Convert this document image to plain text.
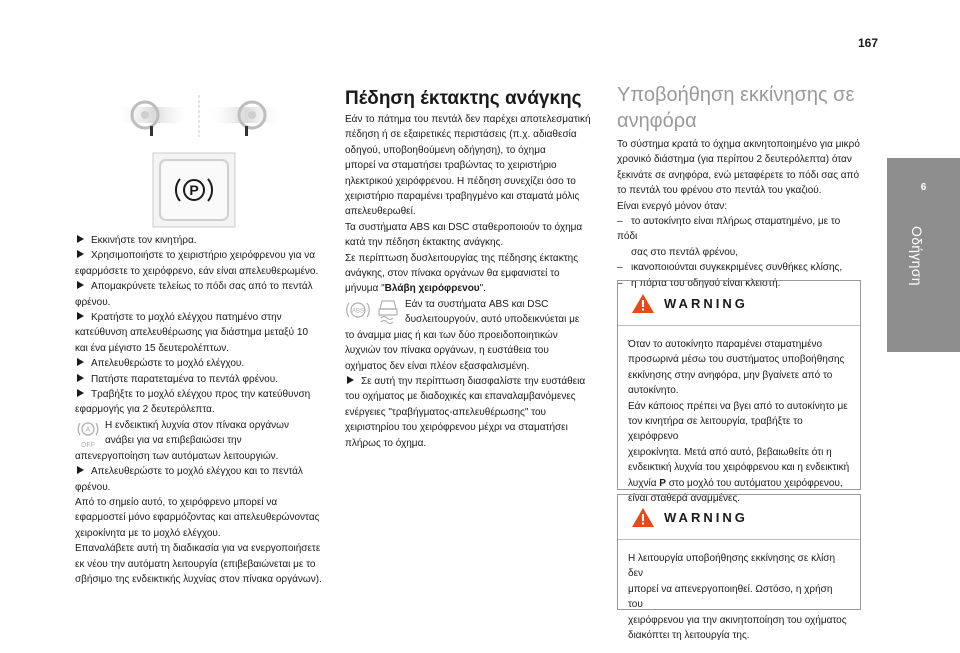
167
6
Οδήγηση
P

Εκκινήστε τον κινητήρα.

Χρησιμοποιήστε το χειριστήριο χειρόφρενου για να

εφαρμόσετε το χειρόφρενο, εάν είναι απελευθερωμένο.

Απομακρύνετε τελείως το πόδι σας από το πεντάλ

φρένου.

Κρατήστε το μοχλό ελέγχου πατημένο στην

κατεύθυνση απελευθέρωσης για διάστημα μεταξύ 10

και ένα μέγιστο 15 δευτερολέπτων.

Απελευθερώστε το μοχλό ελέγχου.

Πατήστε παρατεταμένα το πεντάλ φρένου.

Τραβήξτε το μοχλό ελέγχου προς την κατεύθυνση

εφαρμογής για 2 δευτερόλεπτα.

A
OFF

Η ενδεικτική λυχνία στον πίνακα οργάνων

ανάβει για να επιβεβαιώσει την

απενεργοποίηση των αυτόματων λειτουργιών.

Απελευθερώστε το μοχλό ελέγχου και το πεντάλ

φρένου.

Από το σημείο αυτό, το χειρόφρενο μπορεί να

εφαρμοστεί μόνο εφαρμόζοντας και απελευθερώνοντας

χειροκίνητα με το μοχλό ελέγχου.

Επαναλάβετε αυτή τη διαδικασία για να ενεργοποιήσετε

εκ νέου την αυτόματη λειτουργία (επιβεβαιώνεται με το

σβήσιμο της ενδεικτικής λυχνίας στον πίνακα οργάνων).

Πέδηση έκτακτης ανάγκης

Εάν το πάτημα του πεντάλ δεν παρέχει αποτελεσματική

πέδηση ή σε εξαιρετικές περιστάσεις (π.χ. αδιαθεσία

οδηγού, υποβοηθούμενη οδήγηση), το όχημα

μπορεί να σταματήσει τραβώντας το χειριστήριο

ηλεκτρικού χειρόφρενου. Η πέδηση συνεχίζει όσο το

χειριστήριο παραμένει τραβηγμένο και σταματά μόλις

απελευθερωθεί.

Τα συστήματα ABS και DSC σταθεροποιούν το όχημα

κατά την πέδηση έκτακτης ανάγκης.

Σε περίπτωση δυσλειτουργίας της πέδησης έκτακτης

ανάγκης, στον πίνακα οργάνων θα εμφανιστεί το

μήνυμα "Βλάβη χειρόφρενου".

ABS

Εάν τα συστήματα ABS και DSC

δυσλειτουργούν, αυτό υποδεικνύεται με

το άναμμα μιας ή και των δύο προειδοποιητικών

λυχνιών τον πίνακα οργάνων, η ευστάθεια του

οχήματος δεν είναι πλέον εξασφαλισμένη.

Σε αυτή την περίπτωση διασφαλίστε την ευστάθεια

του οχήματος με διαδοχικές και επαναλαμβανόμενες

ενέργειες "τραβήγματος-απελευθέρωσης" του

χειριστηρίου του χειρόφρενου μέχρι να σταματήσει

πλήρως το όχημα.

Υποβοήθηση εκκίνησης σε
ανηφόρα

Το σύστημα κρατά το όχημα ακινητοποιημένο για μικρό

χρονικό διάστημα (για περίπου 2 δευτερόλεπτα) όταν

ξεκινάτε σε ανηφόρα, ενώ μεταφέρετε το πόδι σας από

το πεντάλ του φρένου στο πεντάλ του γκαζιού.

Είναι ενεργό μόνον όταν:

– το αυτοκίνητο είναι πλήρως σταματημένο, με το πόδι

σας στο πεντάλ φρένου,

– ικανοποιούνται συγκεκριμένες συνθήκες κλίσης,

– η πόρτα του οδηγού είναι κλειστή.

WARNING

Όταν το αυτοκίνητο παραμένει σταματημένο

προσωρινά μέσω του συστήματος υποβοήθησης

εκκίνησης στην ανηφόρα, μην βγαίνετε από το

αυτοκίνητο.

Εάν κάποιος πρέπει να βγει από το αυτοκίνητο με

τον κινητήρα σε λειτουργία, τραβήξτε το χειρόφρενο

χειροκίνητα. Μετά από αυτό, βεβαιωθείτε ότι η

ενδεικτική λυχνία του χειρόφρενου και η ενδεικτική

λυχνία P στο μοχλό του αυτόματου χειρόφρενου,

είναι σταθερά αναμμένες.

WARNING

Η λειτουργία υποβοήθησης εκκίνησης σε κλίση δεν

μπορεί να απενεργοποιηθεί. Ωστόσο, η χρήση του

χειρόφρενου για την ακινητοποίηση του οχήματος

διακόπτει τη λειτουργία της.
